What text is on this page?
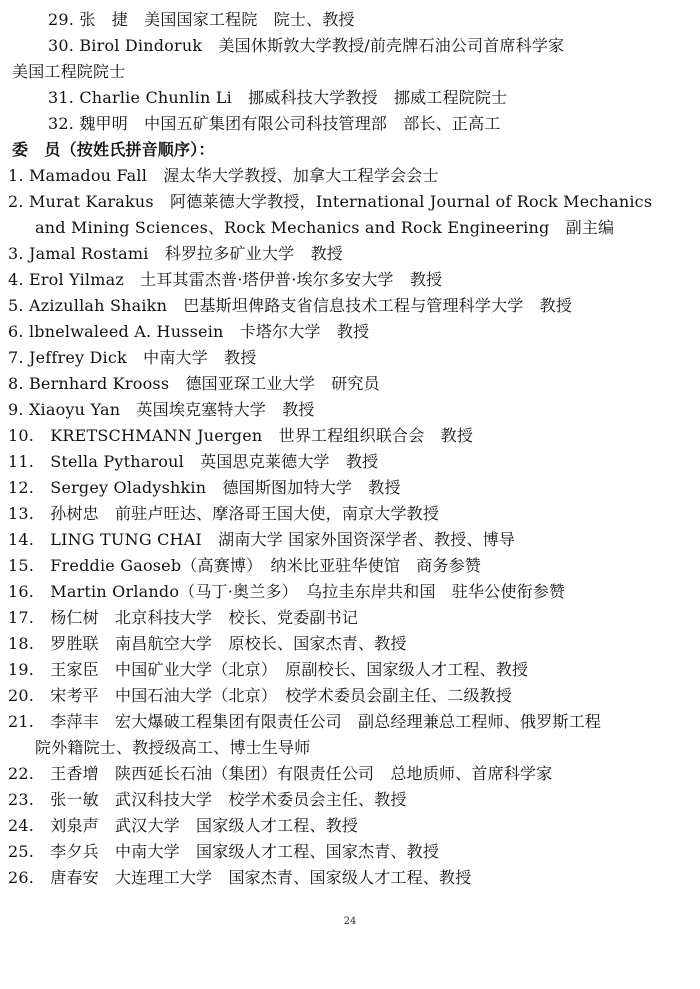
29. 张　捷　美国国家工程院　院士、教授
30. Birol Dindoruk　美国休斯敦大学教授/前壳牌石油公司首席科学家
美国工程院院士
31. Charlie Chunlin Li　挪威科技大学教授　挪威工程院院士
32. 魏甲明　中国五矿集团有限公司科技管理部　部长、正高工
委　员（按姓氏拼音顺序）：
1. Mamadou Fall　渥太华大学教授、加拿大工程学会会士
2. Murat Karakus　阿德莱德大学教授，International Journal of Rock Mechanics
and Mining Sciences、Rock Mechanics and Rock Engineering　副主编
3. Jamal Rostami　科罗拉多矿业大学　教授
4. Erol Yilmaz　土耳其雷杰普·塔伊普·埃尔多安大学　教授
5. Azizullah Shaikn　巴基斯坦俾路支省信息技术工程与管理科学大学　教授
6. lbnelwaleed A. Hussein　卡塔尔大学　教授
7. Jeffrey Dick　中南大学　教授
8. Bernhard Krooss　德国亚琛工业大学　研究员
9. Xiaoyu Yan　英国埃克塞特大学　教授
10.　KRETSCHMANN Juergen　世界工程组织联合会　教授
11.　Stella Pytharoul　英国思克莱德大学　教授
12.　Sergey Oladyshkin　德国斯图加特大学　教授
13.　孙树忠　前驻卢旺达、摩洛哥王国大使，南京大学教授
14.　LING TUNG CHAI　湖南大学 国家外国资深学者、教授、博导
15.　Freddie Gaoseb（高赛博）　纳米比亚驻华使馆　商务参赞
16.　Martin Orlando（马丁·奥兰多）　乌拉圭东岸共和国　驻华公使衔参赞
17.　杨仁树　北京科技大学　校长、党委副书记
18.　罗胜联　南昌航空大学　原校长、国家杰青、教授
19.　王家臣　中国矿业大学（北京）　原副校长、国家级人才工程、教授
20.　宋考平　中国石油大学（北京）　校学术委员会副主任、二级教授
21.　李萍丰　宏大爆破工程集团有限责任公司　副总经理兼总工程师、俄罗斯工程
院外籍院士、教授级高工、博士生导师
22.　王香增　陕西延长石油（集团）有限责任公司　总地质师、首席科学家
23.　张一敏　武汉科技大学　校学术委员会主任、教授
24.　刘泉声　武汉大学　国家级人才工程、教授
25.　李夕兵　中南大学　国家级人才工程、国家杰青、教授
26.　唐春安　大连理工大学　国家杰青、国家级人才工程、教授
24
